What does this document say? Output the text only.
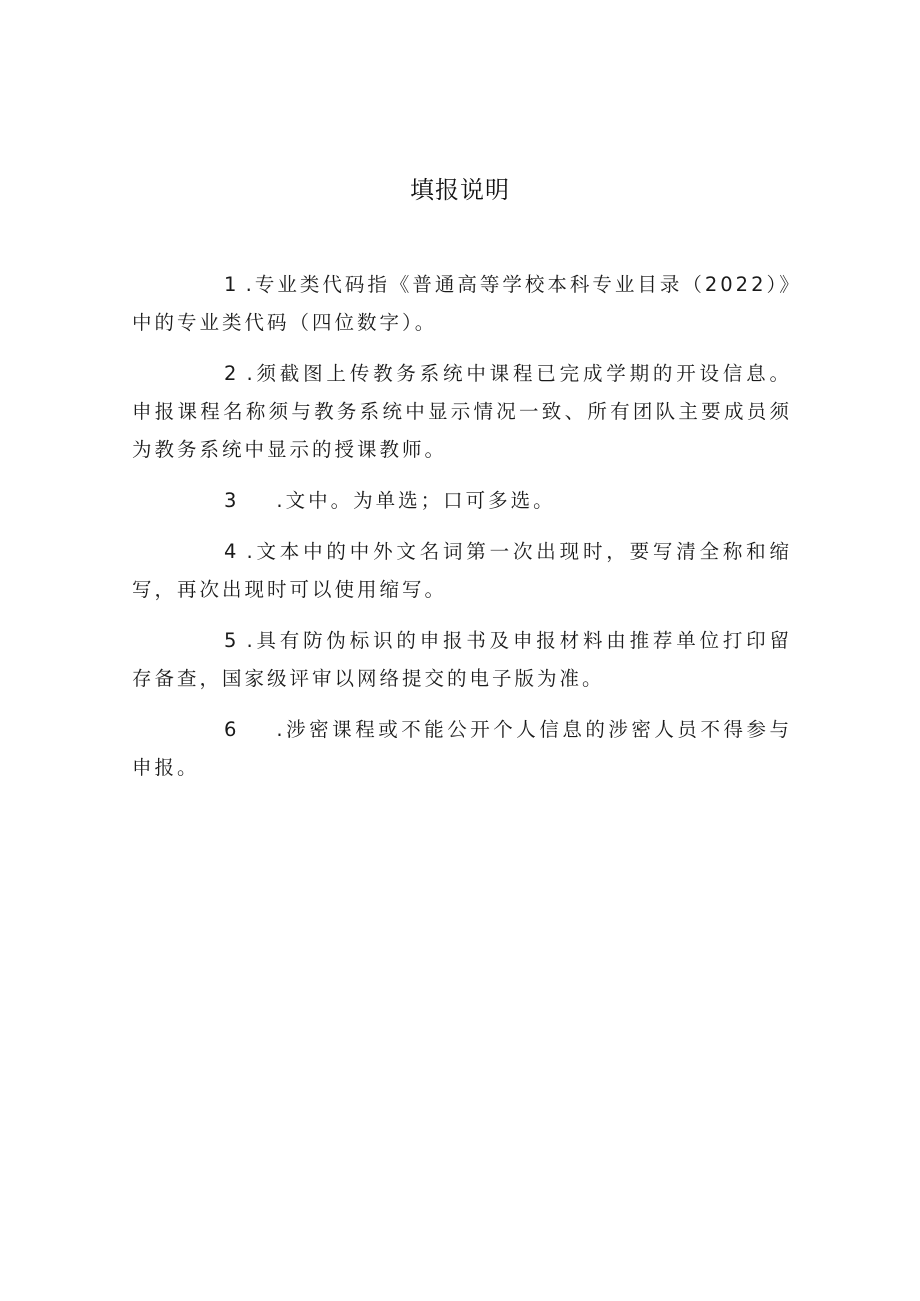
填报说明

1 .专业类代码指《普通高等学校本科专业目录（2022）》中的专业类代码（四位数字）。

2 .须截图上传教务系统中课程已完成学期的开设信息。申报课程名称须与教务系统中显示情况一致、所有团队主要成员须为教务系统中显示的授课教师。

3 .文中。为单选；口可多选。

4 .文本中的中外文名词第一次出现时，要写清全称和缩写，再次出现时可以使用缩写。

5 .具有防伪标识的申报书及申报材料由推荐单位打印留存备查，国家级评审以网络提交的电子版为准。

6 .涉密课程或不能公开个人信息的涉密人员不得参与申报。
